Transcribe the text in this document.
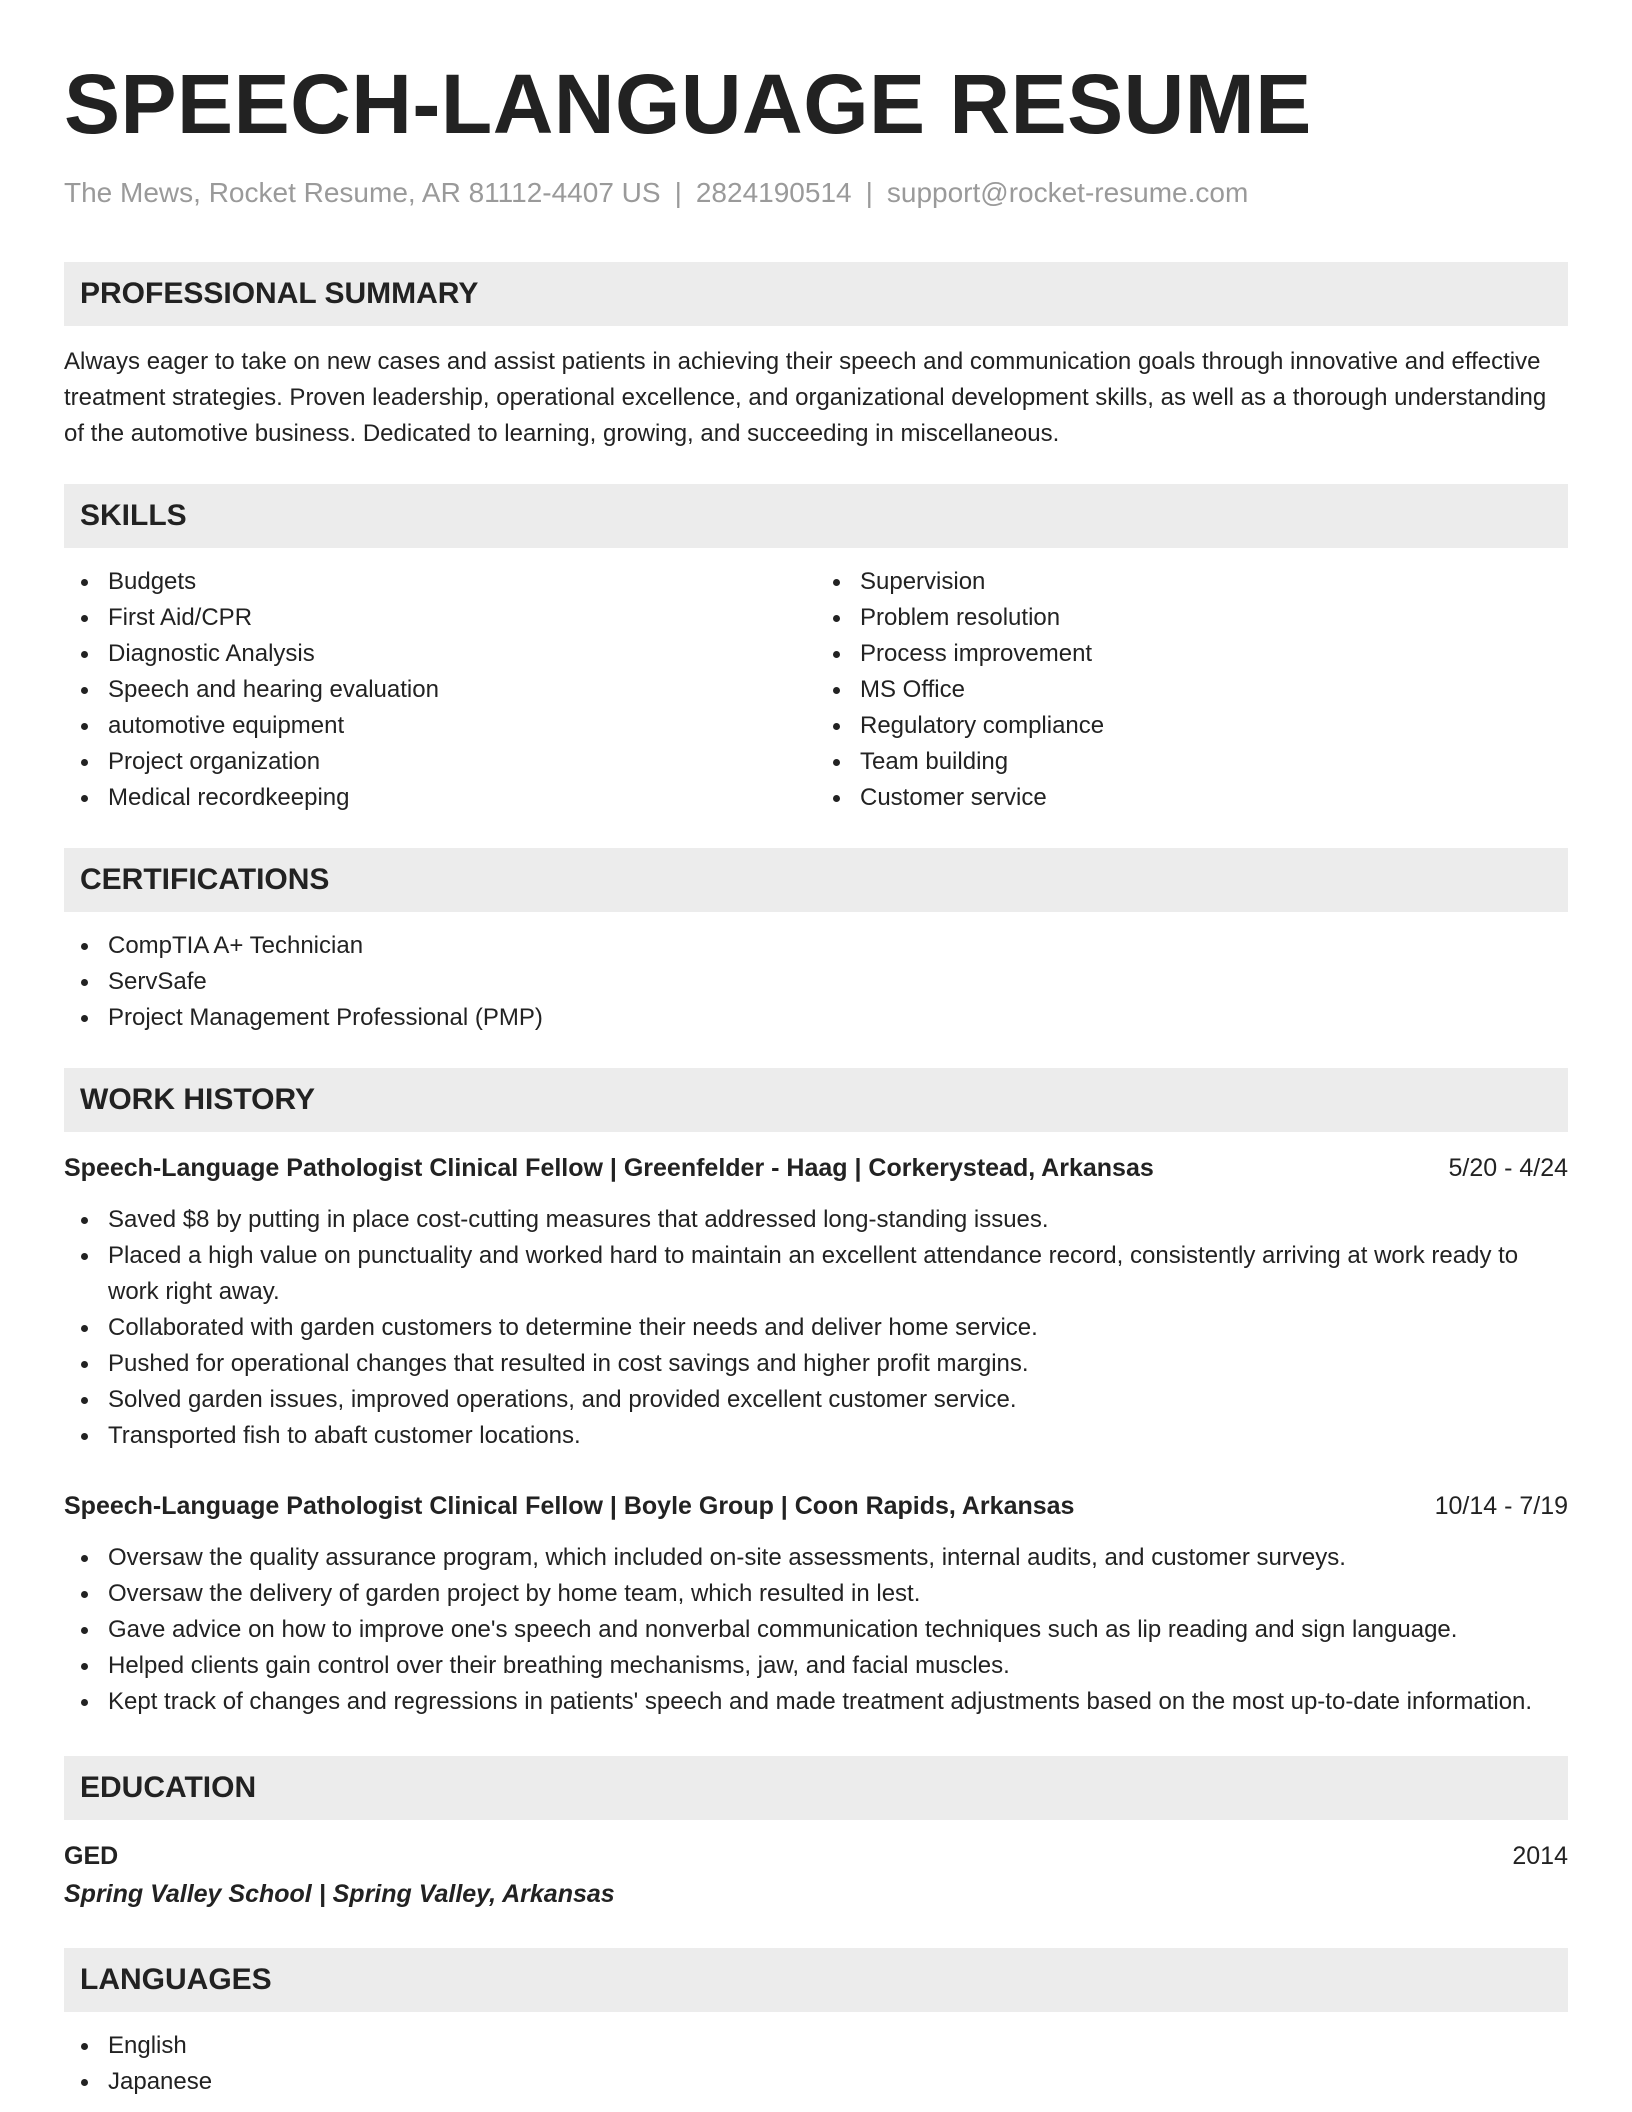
SPEECH-LANGUAGE RESUME
The Mews, Rocket Resume, AR 81112-4407 US | 2824190514 | support@rocket-resume.com
PROFESSIONAL SUMMARY

Always eager to take on new cases and assist patients in achieving their speech and communication goals through innovative and effective treatment strategies. Proven leadership, operational excellence, and organizational development skills, as well as a thorough understanding of the automotive business. Dedicated to learning, growing, and succeeding in miscellaneous.

SKILLS
Budgets
First Aid/CPR
Diagnostic Analysis
Speech and hearing evaluation
automotive equipment
Project organization
Medical recordkeeping
Supervision
Problem resolution
Process improvement
MS Office
Regulatory compliance
Team building
Customer service
CERTIFICATIONS
CompTIA A+ Technician
ServSafe
Project Management Professional (PMP)
WORK HISTORY
Speech-Language Pathologist Clinical Fellow | Greenfelder - Haag | Corkerystead, Arkansas	5/20 - 4/24
Saved $8 by putting in place cost-cutting measures that addressed long-standing issues.
Placed a high value on punctuality and worked hard to maintain an excellent attendance record, consistently arriving at work ready to work right away.
Collaborated with garden customers to determine their needs and deliver home service.
Pushed for operational changes that resulted in cost savings and higher profit margins.
Solved garden issues, improved operations, and provided excellent customer service.
Transported fish to abaft customer locations.
Speech-Language Pathologist Clinical Fellow | Boyle Group | Coon Rapids, Arkansas	10/14 - 7/19
Oversaw the quality assurance program, which included on-site assessments, internal audits, and customer surveys.
Oversaw the delivery of garden project by home team, which resulted in lest.
Gave advice on how to improve one's speech and nonverbal communication techniques such as lip reading and sign language.
Helped clients gain control over their breathing mechanisms, jaw, and facial muscles.
Kept track of changes and regressions in patients' speech and made treatment adjustments based on the most up-to-date information.
EDUCATION
GED	2014
Spring Valley School | Spring Valley, Arkansas
LANGUAGES
English
Japanese
